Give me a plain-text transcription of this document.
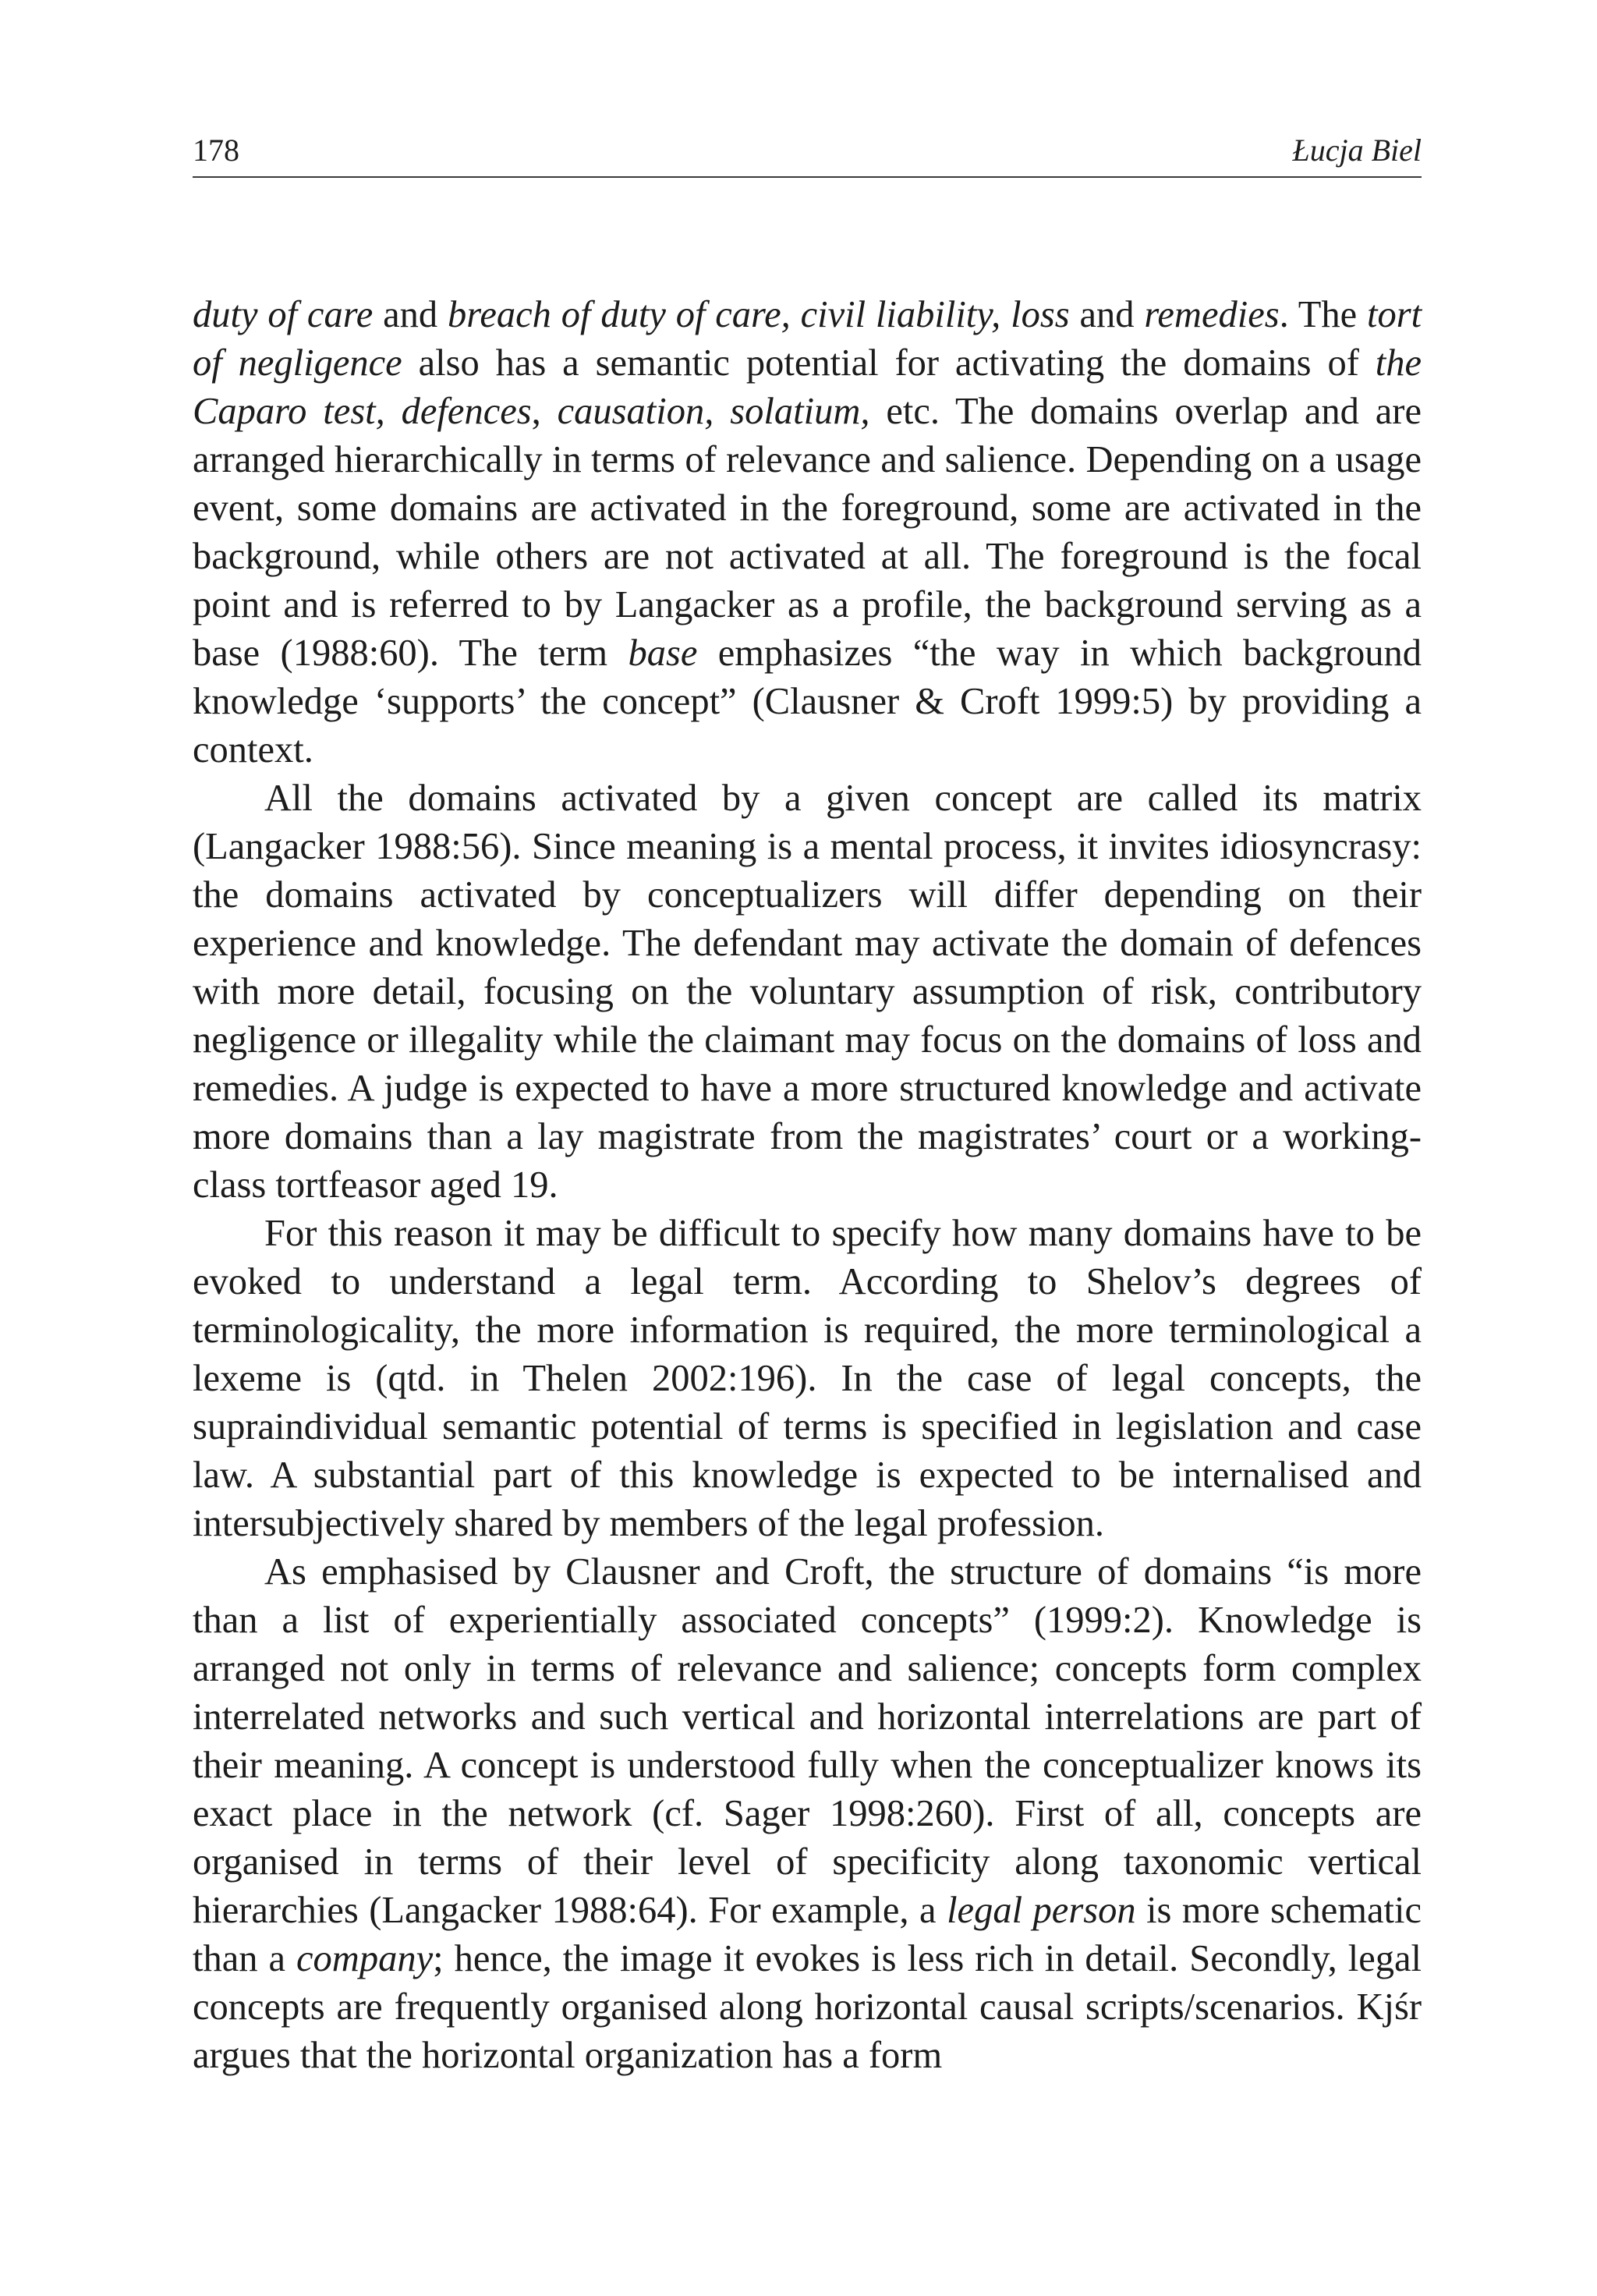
178	Łucja Biel

duty of care and breach of duty of care, civil liability, loss and remedies. The tort of negligence also has a semantic potential for activating the domains of the Caparo test, defences, causation, solatium, etc. The domains overlap and are arranged hierarchically in terms of relevance and salience. Depending on a usage event, some domains are activated in the foreground, some are activated in the background, while others are not activated at all. The foreground is the focal point and is referred to by Langacker as a profile, the background serving as a base (1988:60). The term base emphasizes “the way in which background knowledge ‘supports’ the concept” (Clausner & Croft 1999:5) by providing a context.

All the domains activated by a given concept are called its matrix (Langacker 1988:56). Since meaning is a mental process, it invites idiosyncrasy: the domains activated by conceptualizers will differ depending on their experience and knowledge. The defendant may activate the domain of defences with more detail, focusing on the voluntary assumption of risk, contributory negligence or illegality while the claimant may focus on the domains of loss and remedies. A judge is expected to have a more structured knowledge and activate more domains than a lay magistrate from the magistrates’ court or a working-class tortfeasor aged 19.

For this reason it may be difficult to specify how many domains have to be evoked to understand a legal term. According to Shelov’s degrees of terminologicality, the more information is required, the more terminological a lexeme is (qtd. in Thelen 2002:196). In the case of legal concepts, the supraindividual semantic potential of terms is specified in legislation and case law. A substantial part of this knowledge is expected to be internalised and intersubjectively shared by members of the legal profession.

As emphasised by Clausner and Croft, the structure of domains “is more than a list of experientially associated concepts” (1999:2). Knowledge is arranged not only in terms of relevance and salience; concepts form complex interrelated networks and such vertical and horizontal interrelations are part of their meaning. A concept is understood fully when the conceptualizer knows its exact place in the network (cf. Sager 1998:260). First of all, concepts are organised in terms of their level of specificity along taxonomic vertical hierarchies (Langacker 1988:64). For example, a legal person is more schematic than a company; hence, the image it evokes is less rich in detail. Secondly, legal concepts are frequently organised along horizontal causal scripts/scenarios. Kjśr argues that the horizontal organization has a form
